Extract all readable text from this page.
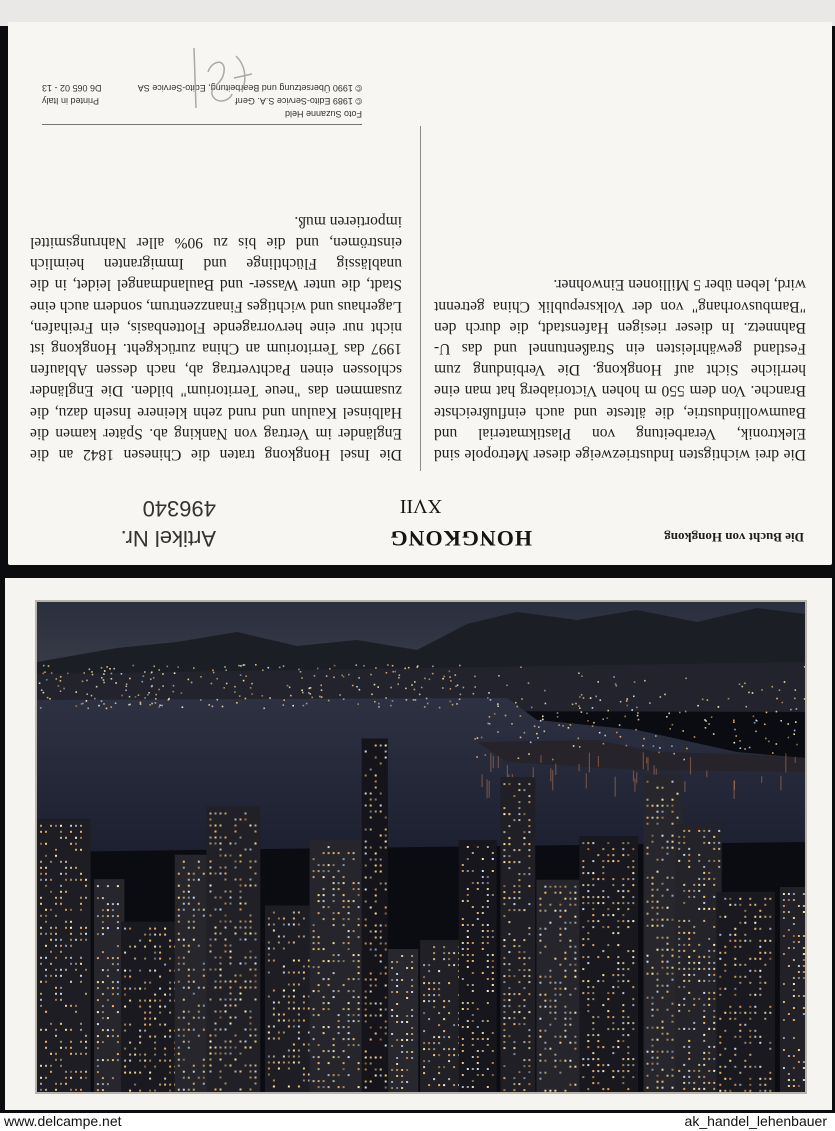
Die Bucht von Hongkong
HONGKONG
XVII
Artikel Nr.
496340
Die Insel Hongkong traten die Chinesen 1842 an die Engländer im Vertrag von Nanking ab. Später kamen die Halbinsel Kaulun und rund zehn kleinere Inseln dazu, die zusammen das "neue Territorium" bilden. Die Engländer schlossen einen Pachtvertrag ab, nach dessen Ablaufen 1997 das Territorium an China zurückgeht. Hongkong ist nicht nur eine hervorragende Flottenbasis, ein Freihafen, Lagerhaus und wichtiges Finanzzentrum, sondern auch eine Stadt, die unter Wasser- und Baulandmangel leidet, in die unablässig Flüchtlinge und Immigranten heimlich einströmen, und die bis zu 90% aller Nahrungsmittel importieren muß.
Die drei wichtigsten Industriezweige dieser Metropole sind Elektronik, Verarbeitung von Plastikmaterial und Baumwollindustrie, die älteste und auch einflußreichste Branche. Von dem 550 m hohen Victoriaberg hat man eine herrliche Sicht auf Hongkong. Die Verbindung zum Festland gewährleisten ein Straßentunnel und das U-Bahnnetz. In dieser riesigen Hafenstadt, die durch den "Bambusvorhang" von der Volksrepublik China getrennt wird, leben über 5 Millionen Einwohner.
Foto Suzanne Held
© 1989 Edito-Service S.A. Genf
Printed in Italy
© 1990 Übersetzung und Bearbeitung, Edito-Service SA
D6 065 02 - 13
www.delcampe.net	ak_handel_lehenbauer
